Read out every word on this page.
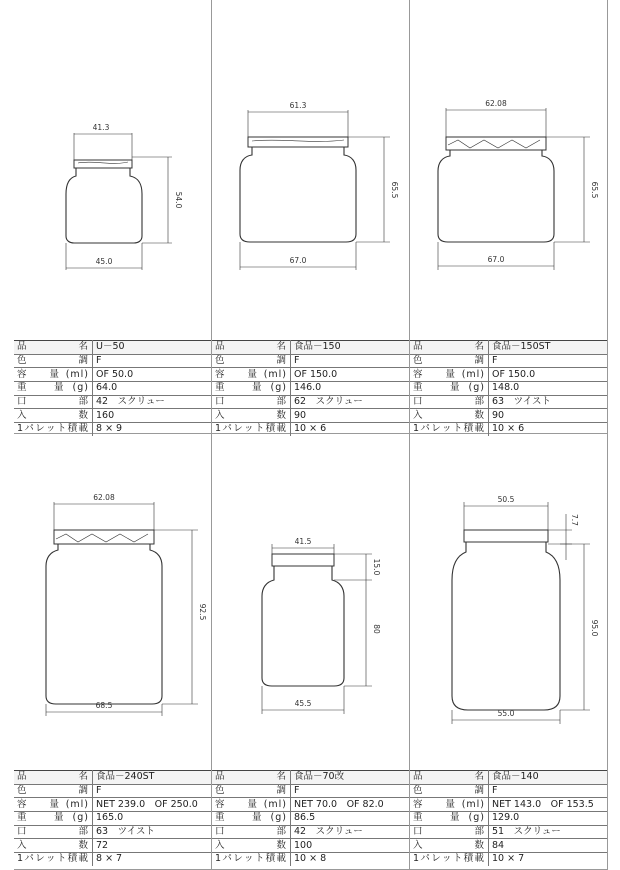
41.3
54.0
45.0
品　　名	U－50
色　　調	F
容　量(ml)	OF 50.0
重　量(g)	64.0
口　　部	42　スクリュー
入　　数	160
1パレット積載	8 × 9
61.3
65.5
67.0
品　　名	食品－150
色　　調	F
容　量(ml)	OF 150.0
重　量(g)	146.0
口　　部	62　スクリュー
入　　数	90
1パレット積載	10 × 6
62.08
65.5
67.0
品　　名	食品－150ST
色　　調	F
容　量(ml)	OF 150.0
重　量(g)	148.0
口　　部	63　ツイスト
入　　数	90
1パレット積載	10 × 6
62.08
92.5
68.5
品　　名	食品－240ST
色　　調	F
容　量(ml)	NET 239.0　OF 250.0
重　量(g)	165.0
口　　部	63　ツイスト
入　　数	72
1パレット積載	8 × 7
41.5
15.0
80
45.5
品　　名	食品－70改
色　　調	F
容　量(ml)	NET 70.0　OF 82.0
重　量(g)	86.5
口　　部	42　スクリュー
入　　数	100
1パレット積載	10 × 8
50.5
7.7
95.0
55.0
品　　名	食品－140
色　　調	F
容　量(ml)	NET 143.0　OF 153.5
重　量(g)	129.0
口　　部	51　スクリュー
入　　数	84
1パレット積載	10 × 7
